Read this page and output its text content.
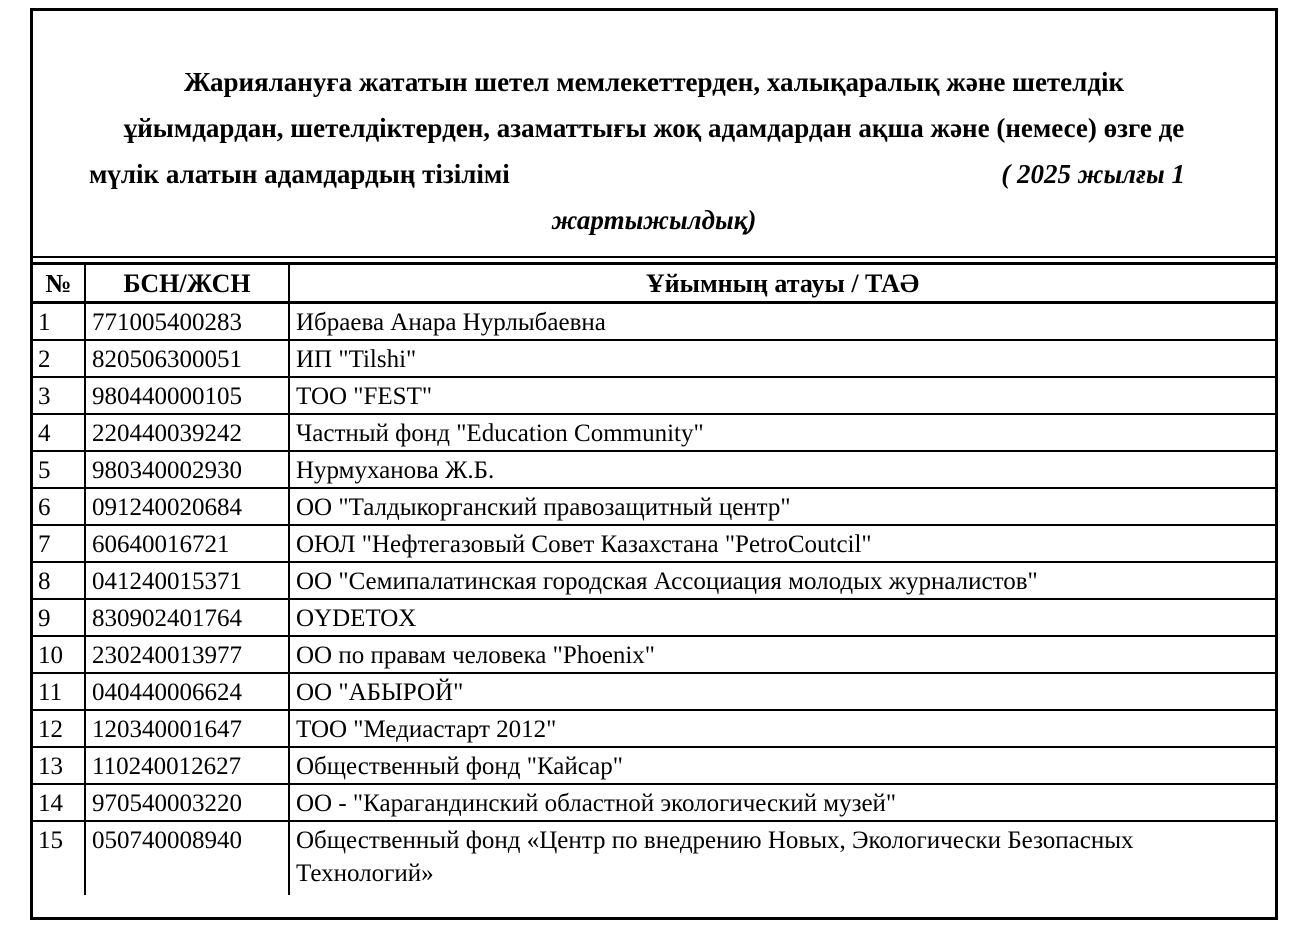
Жариялануға жататын шетел мемлекеттерден, халықаралық және шетелдік
ұйымдардан, шетелдіктерден, азаматтығы жоқ адамдардан ақша және (немесе) өзге де
мүлік алатын адамдардың тізілімі	( 2025 жылғы 1
жартыжылдық)
№	БСН/ЖСН	Ұйымның атауы / ТАӘ
1	771005400283	Ибраева Анара Нурлыбаевна
2	820506300051	ИП "Tilshi"
3	980440000105	ТОО "FEST"
4	220440039242	Частный фонд "Education Community"
5	980340002930	Нурмуханова Ж.Б.
6	091240020684	ОО "Талдыкорганский правозащитный центр"
7	60640016721	ОЮЛ "Нефтегазовый Совет Казахстана "PetroCoutcil"
8	041240015371	ОО "Семипалатинская городская Ассоциация молодых журналистов"
9	830902401764	OYDETOX
10	230240013977	ОО по правам человека "Phoenix"
11	040440006624	ОО "АБЫРОЙ"
12	120340001647	ТОО "Медиастарт 2012"
13	110240012627	Общественный фонд "Кайсар"
14	970540003220	ОО - "Карагандинский областной экологический музей"
15	050740008940	Общественный фонд «Центр по внедрению Новых, Экологически Безопасных Технологий»
